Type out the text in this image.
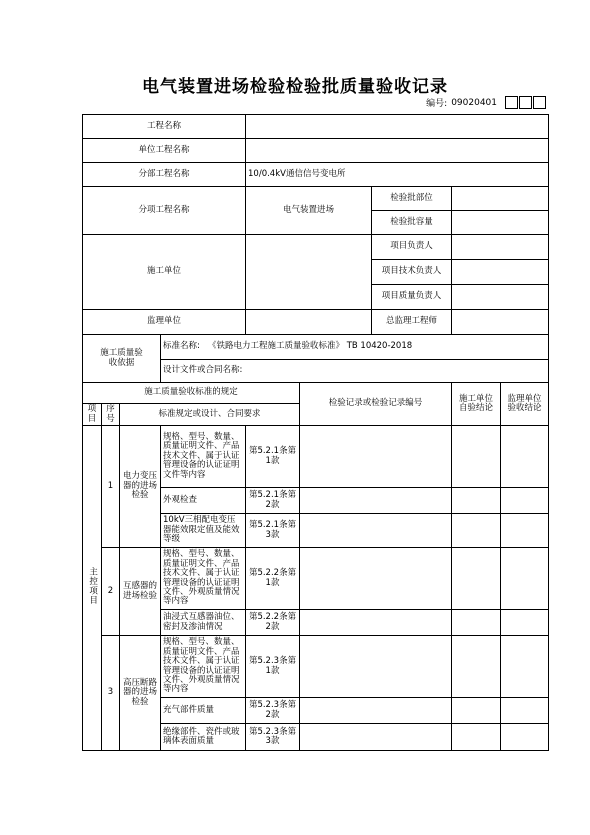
电气装置进场检验检验批质量验收记录
编号: 09020401
工程名称								
单位工程名称								
分部工程名称				10/0.4kV通信信号变电所				
分项工程名称				电气装置进场		检验批部位		
						检验批容量		
施工单位						项目负责人		
						项目技术负责人		
						项目质量负责人		
监理单位						总监理工程师		
施工质量验收依据			标准名称: 《铁路电力工程施工质量验收标准》 TB 10420-2018					
			设计文件或合同名称:					
施工质量验收标准的规定					检验记录或检验记录编号		施工单位自验结论	监理单位验收结论
项目	序号	标准规定或设计、合同要求						
主控项目	1	电力变压器的进场检验	规格、型号、数量、质量证明文件、产品技术文件、属于认证管理设备的认证证明文件等内容	第5.2.1条第1款				
			外观检查	第5.2.1条第2款				
			10kV三相配电变压器能效限定值及能效等级	第5.2.1条第3款				
	2	互感器的进场检验	规格、型号、数量、质量证明文件、产品技术文件、属于认证管理设备的认证证明文件、外观质量情况等内容	第5.2.2条第1款				
			油浸式互感器油位、密封及渗油情况	第5.2.2条第2款				
	3	高压断路器的进场检验	规格、型号、数量、质量证明文件、产品技术文件、属于认证管理设备的认证证明文件、外观质量情况等内容	第5.2.3条第1款				
			充气部件质量	第5.2.3条第2款				
			绝缘部件、瓷件或玻璃体表面质量	第5.2.3条第3款				
